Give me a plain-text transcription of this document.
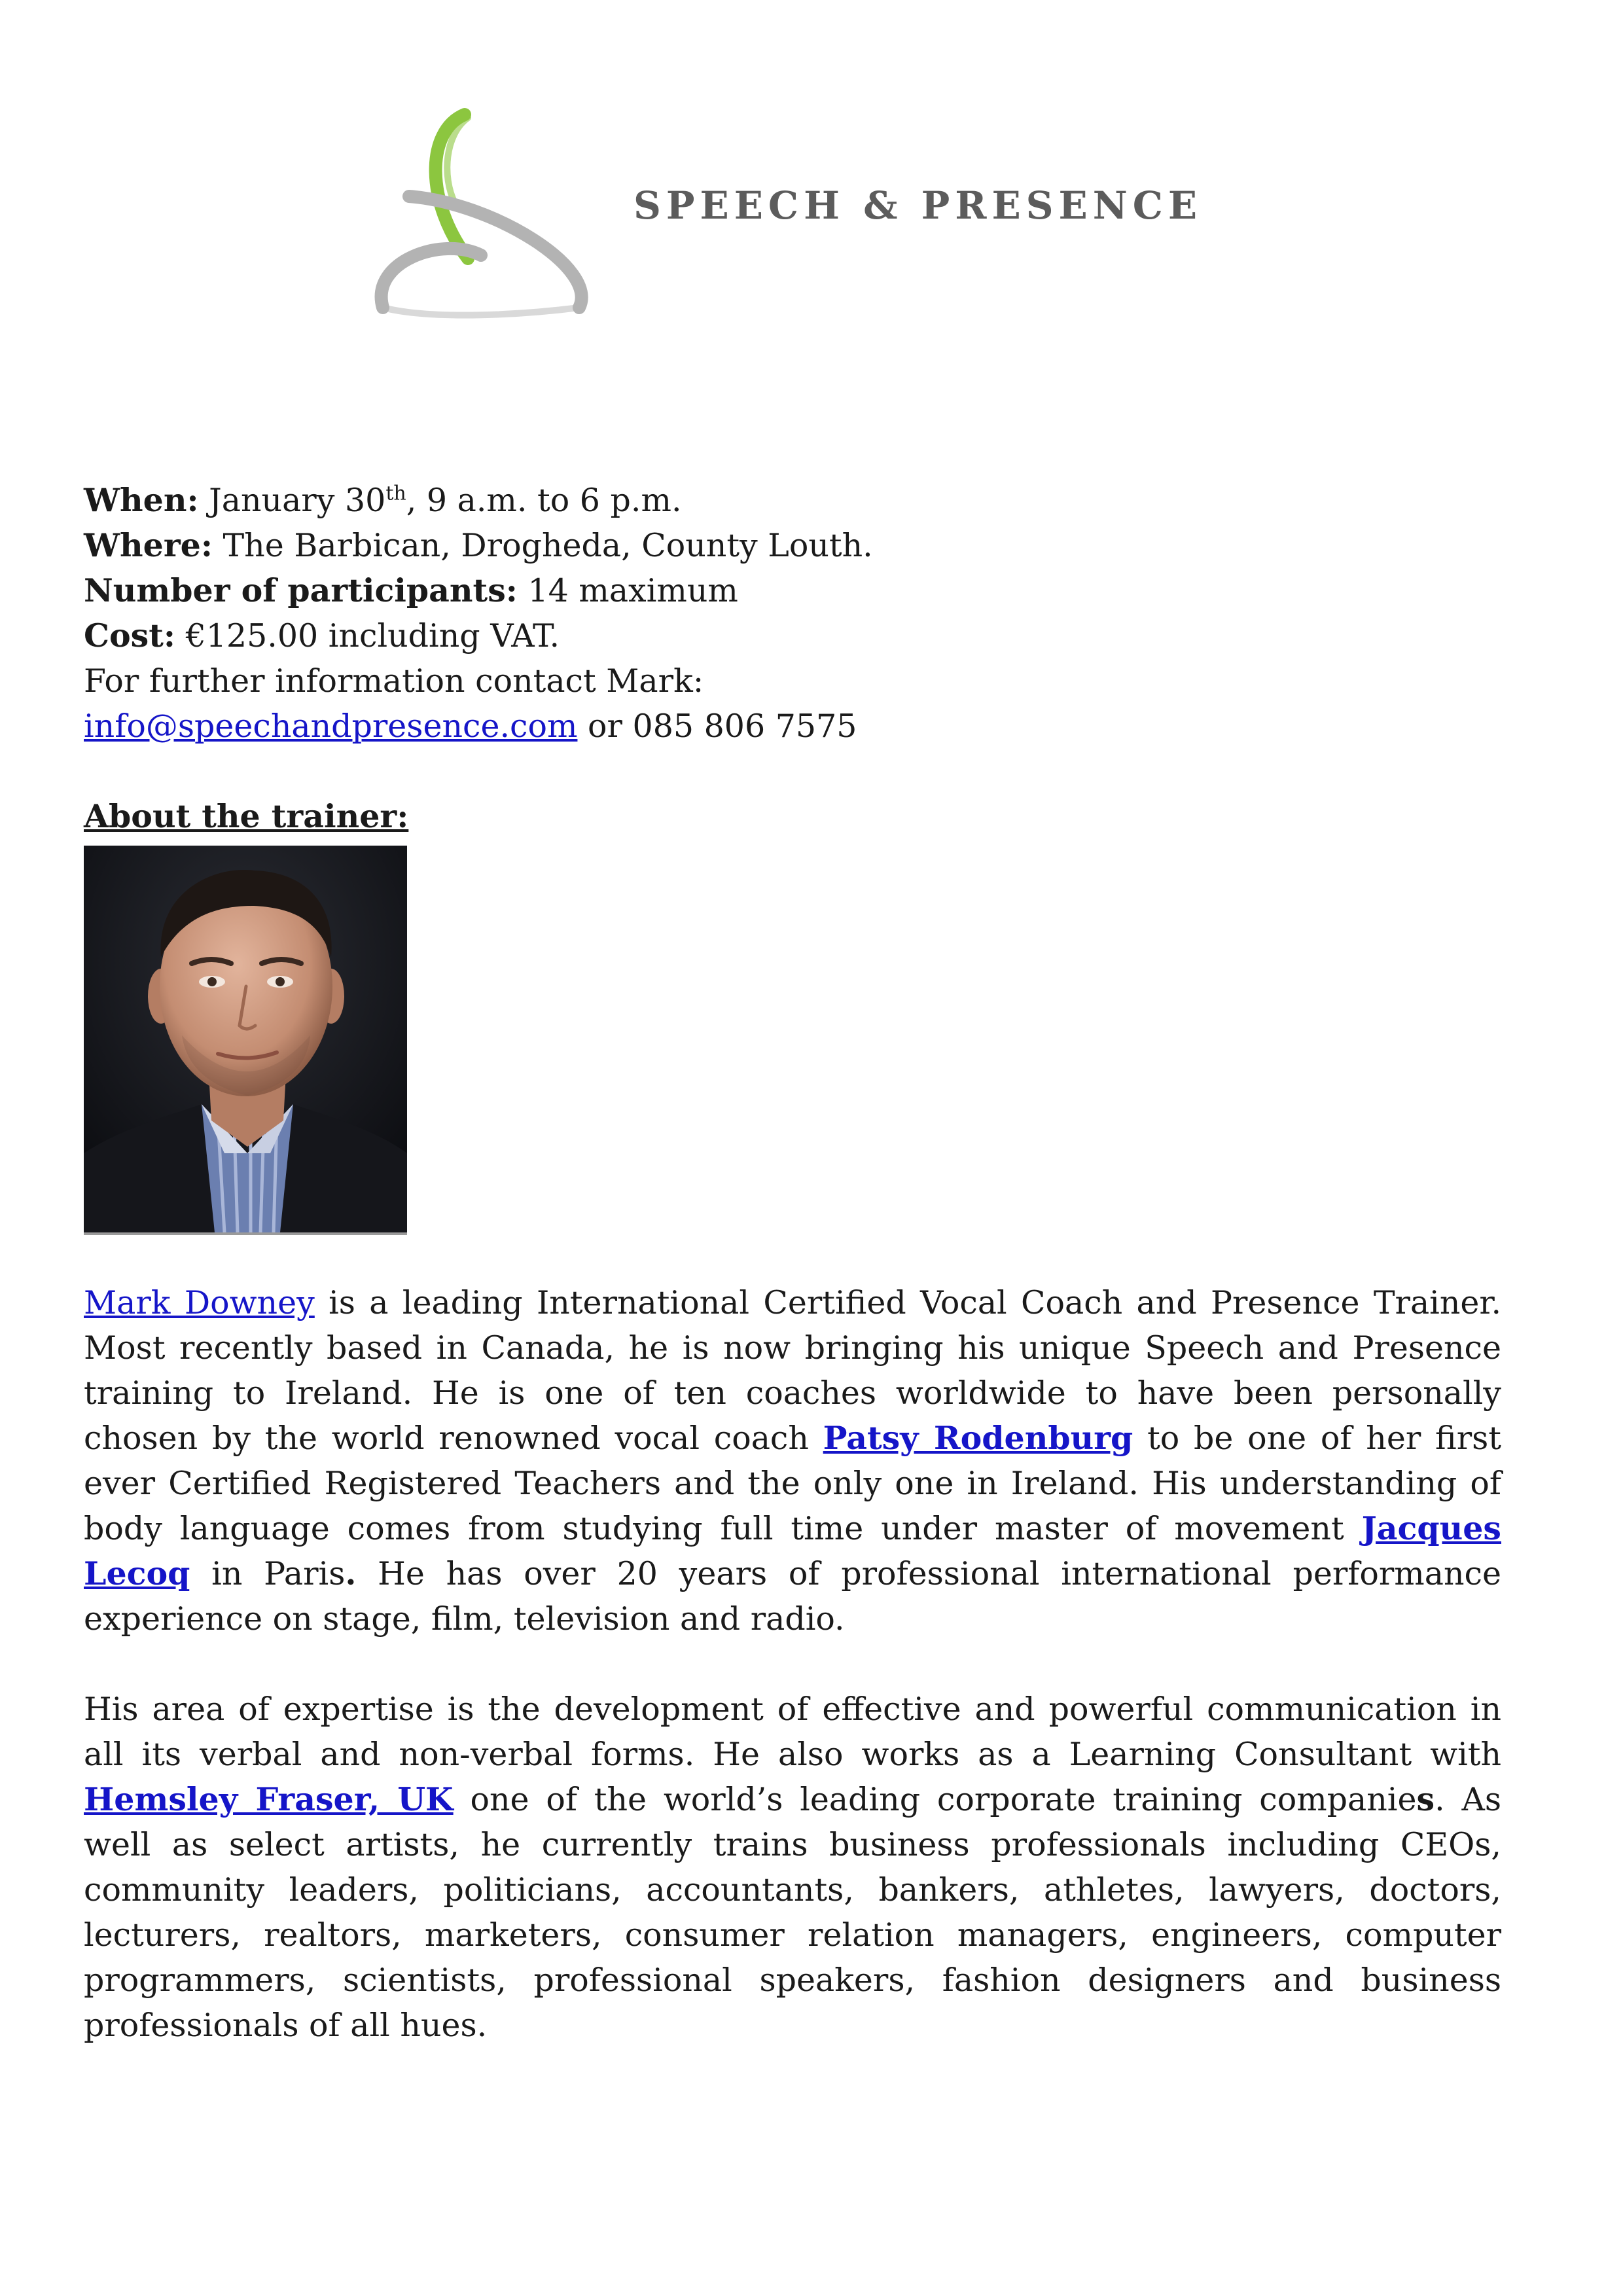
SPEECH & PRESENCE

When: January 30th, 9 a.m. to 6 p.m.

Where: The Barbican, Drogheda, County Louth.

Number of participants: 14 maximum

Cost: €125.00 including VAT.

For further information contact Mark:

info@speechandpresence.com or 085 806 7575

About the trainer:

Mark Downey is a leading International Certified Vocal Coach and Presence Trainer. Most recently based in Canada, he is now bringing his unique Speech and Presence training to Ireland. He is one of ten coaches worldwide to have been personally chosen by the world renowned vocal coach Patsy Rodenburg to be one of her first ever Certified Registered Teachers and the only one in Ireland. His understanding of body language comes from studying full time under master of movement Jacques Lecoq in Paris. He has over 20 years of professional international performance experience on stage, film, television and radio.

His area of expertise is the development of effective and powerful communication in all its verbal and non-verbal forms. He also works as a Learning Consultant with Hemsley Fraser, UK one of the world’s leading corporate training companies. As well as select artists, he currently trains business professionals including CEOs, community leaders, politicians, accountants, bankers, athletes, lawyers, doctors, lecturers, realtors, marketers, consumer relation managers, engineers, computer programmers, scientists, professional speakers, fashion designers and business professionals of all hues.
